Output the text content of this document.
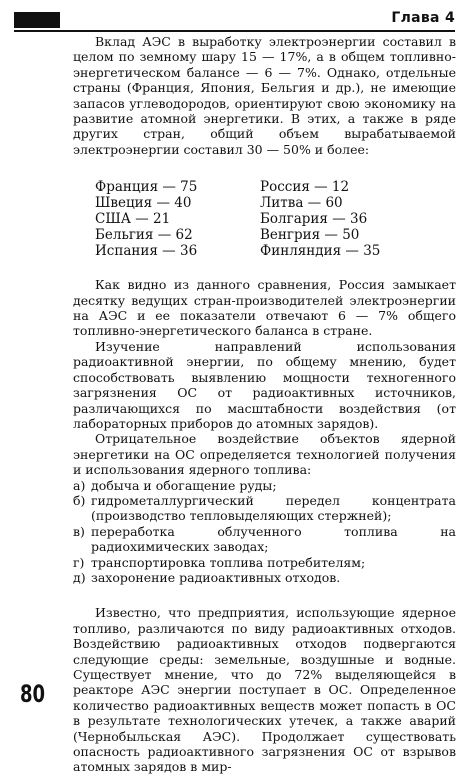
Глава 4
80

Вклад АЭС в выработку электроэнергии составил в целом по земному шару 15 — 17%, а в общем топливно-энергетическом балансе — 6 — 7%. Однако, отдельные страны (Франция, Япония, Бельгия и др.), не имеющие запасов углеводородов, ориентируют свою экономику на развитие атомной энергетики. В этих, а также в ряде других стран, общий объем вырабатываемой электроэнергии составил 30 — 50% и более:

Франция — 75
Швеция — 40
США — 21
Бельгия — 62
Испания — 36
Россия — 12
Литва — 60
Болгария — 36
Венгрия — 50
Финляндия — 35

Как видно из данного сравнения, Россия замыкает десятку ведущих стран-производителей электроэнергии на АЭС и ее показатели отвечают 6 — 7% общего топливно-энергетического баланса в стране.

Изучение направлений использования радиоактивной энергии, по общему мнению, будет способствовать выявлению мощности техногенного загрязнения ОС от радиоактивных источников, различающихся по масштабности воздействия (от лабораторных приборов до атомных зарядов).

Отрицательное воздействие объектов ядерной энергетики на ОС определяется технологией получения и использования ядерного топлива:

а) добыча и обогащение руды;
б) гидрометаллургический передел концентрата (производство тепловыделяющих стержней);
в) переработка облученного топлива на радиохимических заводах;
г) транспортировка топлива потребителям;
д) захоронение радиоактивных отходов.

Известно, что предприятия, использующие ядерное топливо, различаются по виду радиоактивных отходов. Воздействию радиоактивных отходов подвергаются следующие среды: земельные, воздушные и водные. Существует мнение, что до 72% выделяющейся в реакторе АЭС энергии поступает в ОС. Определенное количество радиоактивных веществ может попасть в ОС в результате технологических утечек, а также аварий (Чернобыльская АЭС). Продолжает существовать опасность радиоактивного загрязнения ОС от взрывов атомных зарядов в мир-
